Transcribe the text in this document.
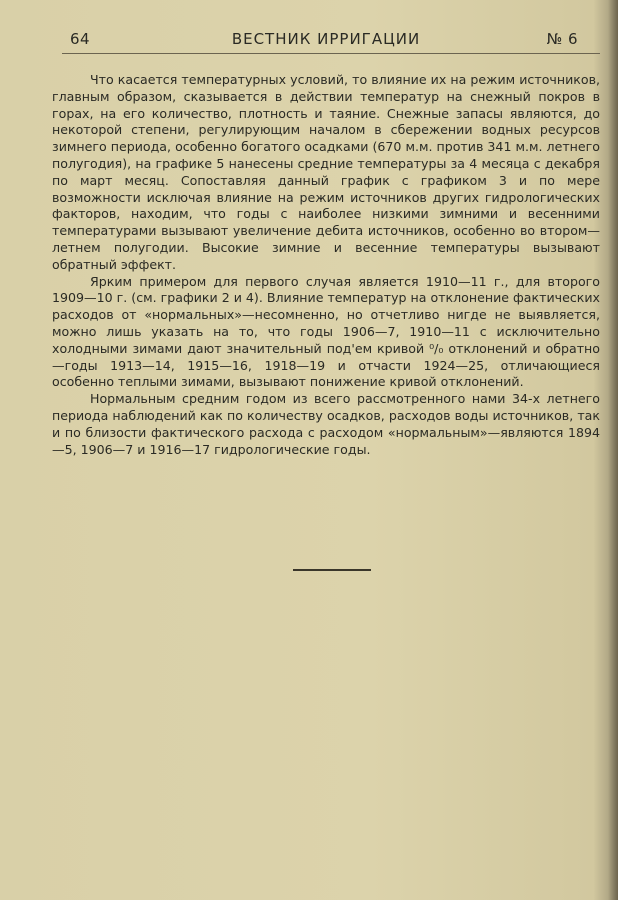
64	ВЕСТНИК ИРРИГАЦИИ	№ 6

Что касается температурных условий, то влияние их на режим источников, главным образом, сказывается в действии температур на снежный покров в горах, на его количество, плотность и таяние. Снежные запасы являются, до некоторой степени, регулирующим началом в сбережении водных ресурсов зимнего периода, особенно богатого осадками (670 м.м. против 341 м.м. летнего полугодия), на графике 5 нанесены средние температуры за 4 месяца с декабря по март месяц. Сопоставляя данный график с графиком 3 и по мере возможности исключая влияние на режим источников других гидрологических факторов, находим, что годы с наиболее низкими зимними и весенними температурами вызывают увеличение дебита источников, особенно во втором—летнем полугодии. Высокие зимние и весенние температуры вызывают обратный эффект.

Ярким примером для первого случая является 1910—11 г., для второго 1909—10 г. (см. графики 2 и 4). Влияние температур на отклонение фактических расходов от «нормальных»—несомненно, но отчетливо нигде не выявляется, можно лишь указать на то, что годы 1906—7, 1910—11 с исключительно холодными зимами дают значительный под'ем кривой ⁰/₀ отклонений и обратно—годы 1913—14, 1915—16, 1918—19 и отчасти 1924—25, отличающиеся особенно теплыми зимами, вызывают понижение кривой отклонений.

Нормальным средним годом из всего рассмотренного нами 34-х летнего периода наблюдений как по количеству осадков, расходов воды источников, так и по близости фактического расхода с расходом «нормальным»—являются 1894—5, 1906—7 и 1916—17 гидрологические годы.
